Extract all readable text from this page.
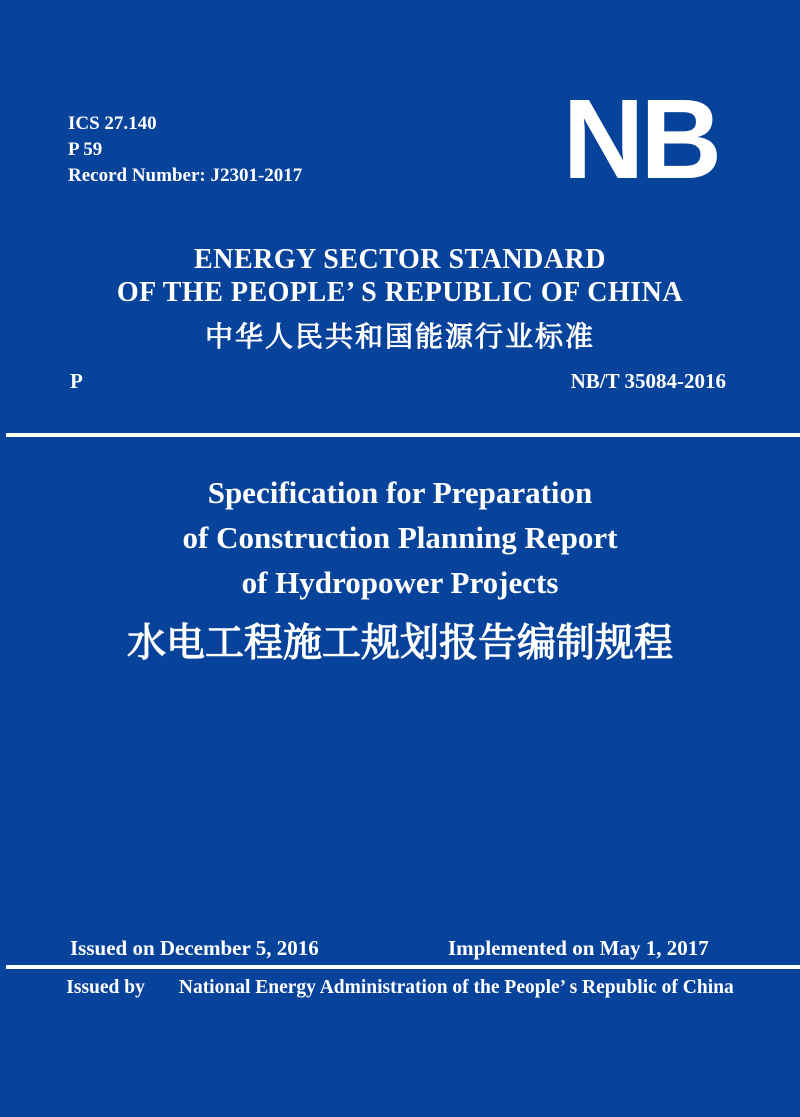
ICS 27.140
P 59
Record Number: J2301-2017 NB
ENERGY SECTOR STANDARD
OF THE PEOPLE’ S REPUBLIC OF CHINA
中华人民共和国能源行业标准
P	NB/T 35084-2016
Specification for Preparation
of Construction Planning Report
of Hydropower Projects
水电工程施工规划报告编制规程
Issued on December 5, 2016	Implemented on May 1, 2017
Issued by National Energy Administration of the People’ s Republic of China
